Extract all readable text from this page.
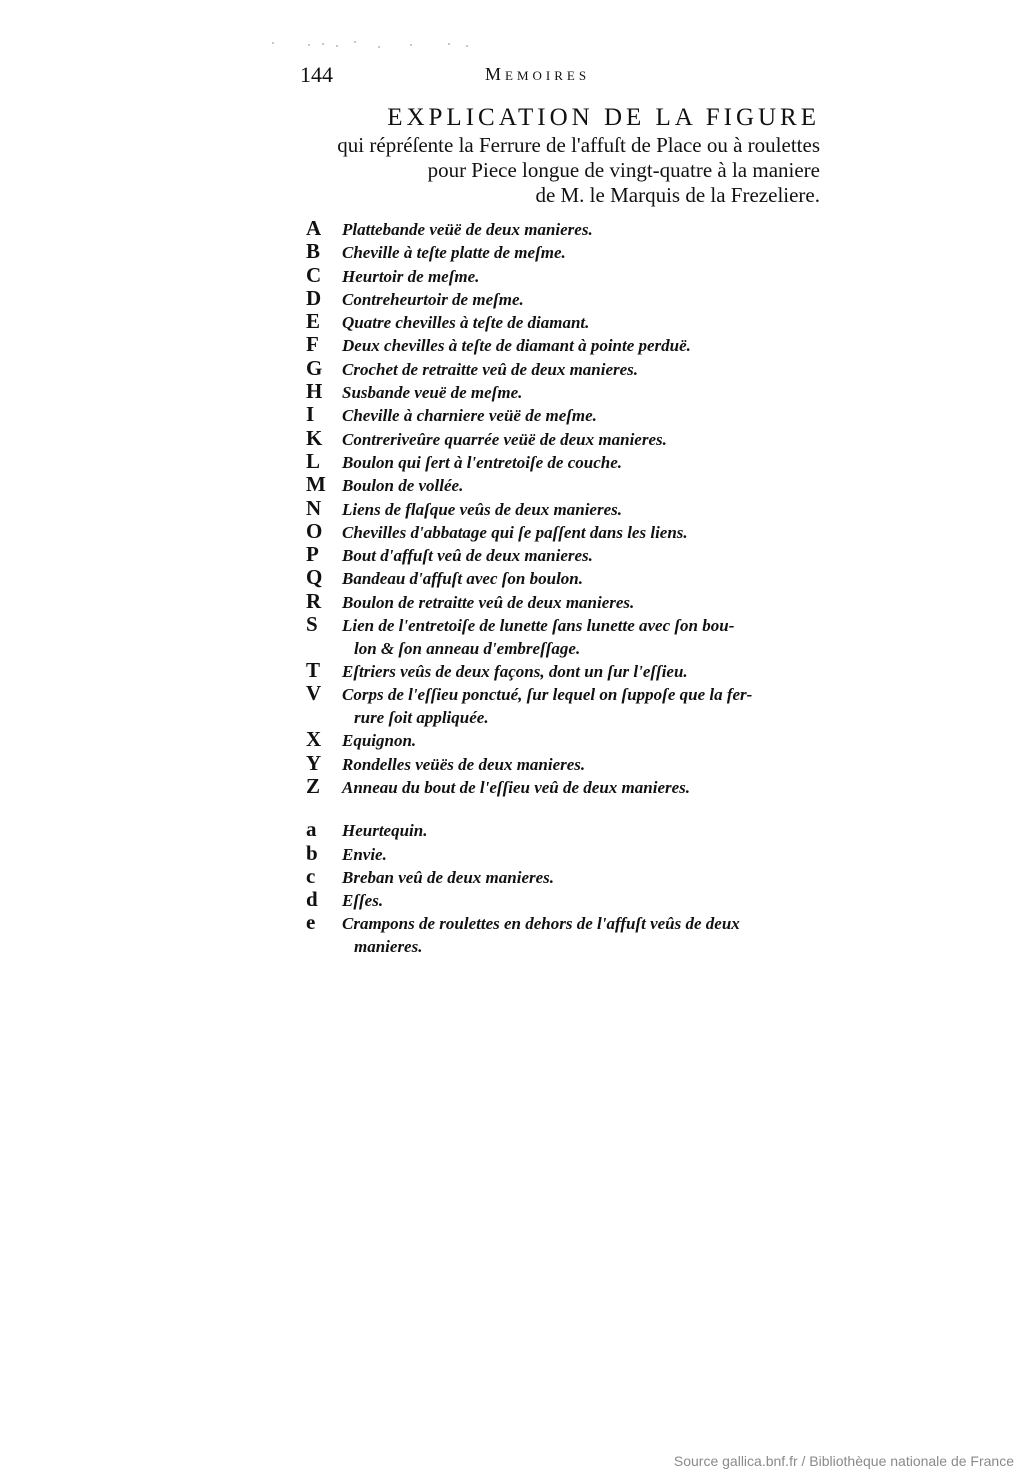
144	Memoires
EXPLICATION DE LA FIGURE
qui répréſente la Ferrure de l'affuſt de Place ou à roulettes
pour Piece longue de vingt-quatre à la maniere
de M. le Marquis de la Frezeliere.
A	Plattebande veüë de deux manieres.
B	Cheville à teſte platte de meſme.
C	Heurtoir de meſme.
D	Contreheurtoir de meſme.
E	Quatre chevilles à teſte de diamant.
F	Deux chevilles à teſte de diamant à pointe perduë.
G	Crochet de retraitte veû de deux manieres.
H	Susbande veuë de meſme.
I	Cheville à charniere veüë de meſme.
K	Contreriveûre quarrée veüë de deux manieres.
L	Boulon qui ſert à l'entretoiſe de couche.
M Boulon de vollée.
N	Liens de flaſque veûs de deux manieres.
O	Chevilles d'abbatage qui ſe paſſent dans les liens.
P	Bout d'affuſt veû de deux manieres.
Q	Bandeau d'affuſt avec ſon boulon.
R	Boulon de retraitte veû de deux manieres.
S	Lien de l'entretoiſe de lunette ſans lunette avec ſon bou-
lon & ſon anneau d'embreſſage.
T	Eſtriers veûs de deux façons, dont un ſur l'eſſieu.
V	Corps de l'eſſieu ponctué, ſur lequel on ſuppoſe que la fer-
rure ſoit appliquée.
X	Equignon.
Y	Rondelles veüës de deux manieres.
Z	Anneau du bout de l'eſſieu veû de deux manieres.
a	Heurtequin.
b	Envie.
c	Breban veû de deux manieres.
d	Eſſes.
e	Crampons de roulettes en dehors de l'affuſt veûs de deux
manieres.
Source gallica.bnf.fr / Bibliothèque nationale de France
